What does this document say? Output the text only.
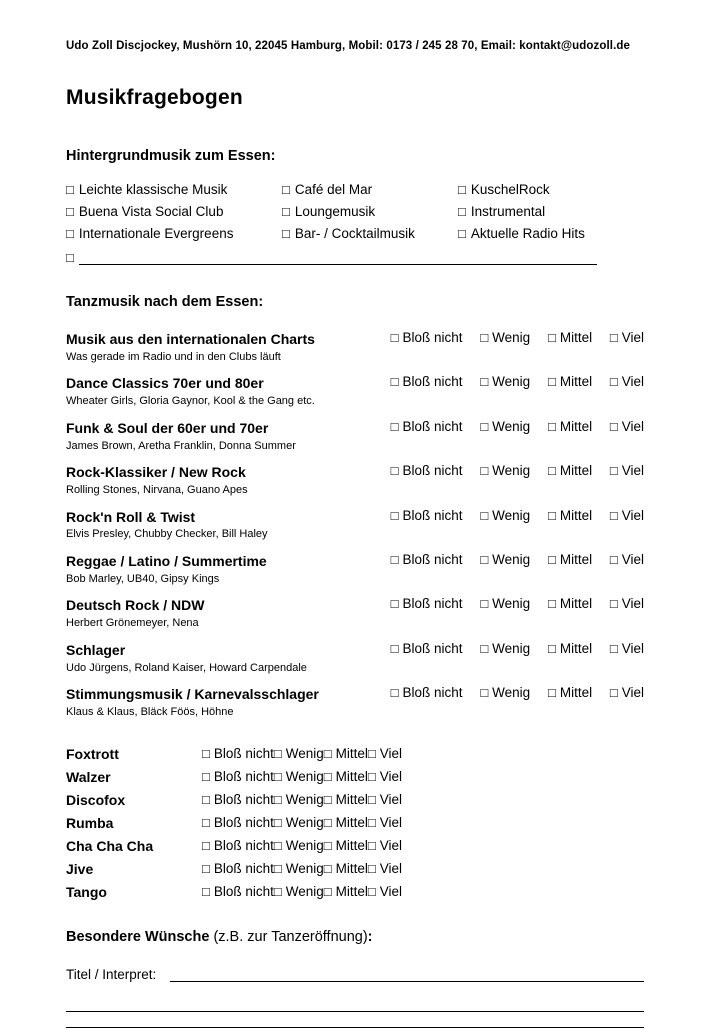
Udo Zoll Discjockey, Mushörn 10, 22045 Hamburg, Mobil: 0173 / 245 28 70, Email: kontakt@udozoll.de
Musikfragebogen
Hintergrundmusik zum Essen:
□ Leichte klassische Musik	□ Café del Mar	□ KuschelRock
□ Buena Vista Social Club	□ Loungemusik	□ Instrumental
□ Internationale Evergreens	□ Bar- / Cocktailmusik	□ Aktuelle Radio Hits
□		
Tanzmusik nach dem Essen:
Musik aus den internationalen Charts
Was gerade im Radio und in den Clubs läuft	□ Bloß nicht □ Wenig □ Mittel □ Viel

Dance Classics 70er und 80er
Wheater Girls, Gloria Gaynor, Kool & the Gang etc.	□ Bloß nicht □ Wenig □ Mittel □ Viel

Funk & Soul der 60er und 70er
James Brown, Aretha Franklin, Donna Summer	□ Bloß nicht □ Wenig □ Mittel □ Viel

Rock-Klassiker / New Rock
Rolling Stones, Nirvana, Guano Apes	□ Bloß nicht □ Wenig □ Mittel □ Viel

Rock'n Roll & Twist
Elvis Presley, Chubby Checker, Bill Haley	□ Bloß nicht □ Wenig □ Mittel □ Viel

Reggae / Latino / Summertime
Bob Marley, UB40, Gipsy Kings	□ Bloß nicht □ Wenig □ Mittel □ Viel

Deutsch Rock / NDW
Herbert Grönemeyer, Nena	□ Bloß nicht □ Wenig □ Mittel □ Viel

Schlager
Udo Jürgens, Roland Kaiser, Howard Carpendale	□ Bloß nicht □ Wenig □ Mittel □ Viel

Stimmungsmusik / Karnevalsschlager
Klaus & Klaus, Bläck Föös, Höhne	□ Bloß nicht □ Wenig □ Mittel □ Viel
Foxtrott	□ Bloß nicht	□ Wenig	□ Mittel	□ Viel
Walzer	□ Bloß nicht	□ Wenig	□ Mittel	□ Viel
Discofox	□ Bloß nicht	□ Wenig	□ Mittel	□ Viel
Rumba	□ Bloß nicht	□ Wenig	□ Mittel	□ Viel
Cha Cha Cha	□ Bloß nicht	□ Wenig	□ Mittel	□ Viel
Jive	□ Bloß nicht	□ Wenig	□ Mittel	□ Viel
Tango	□ Bloß nicht	□ Wenig	□ Mittel	□ Viel
Besondere Wünsche (z.B. zur Tanzeröffnung):
Titel / Interpret:
